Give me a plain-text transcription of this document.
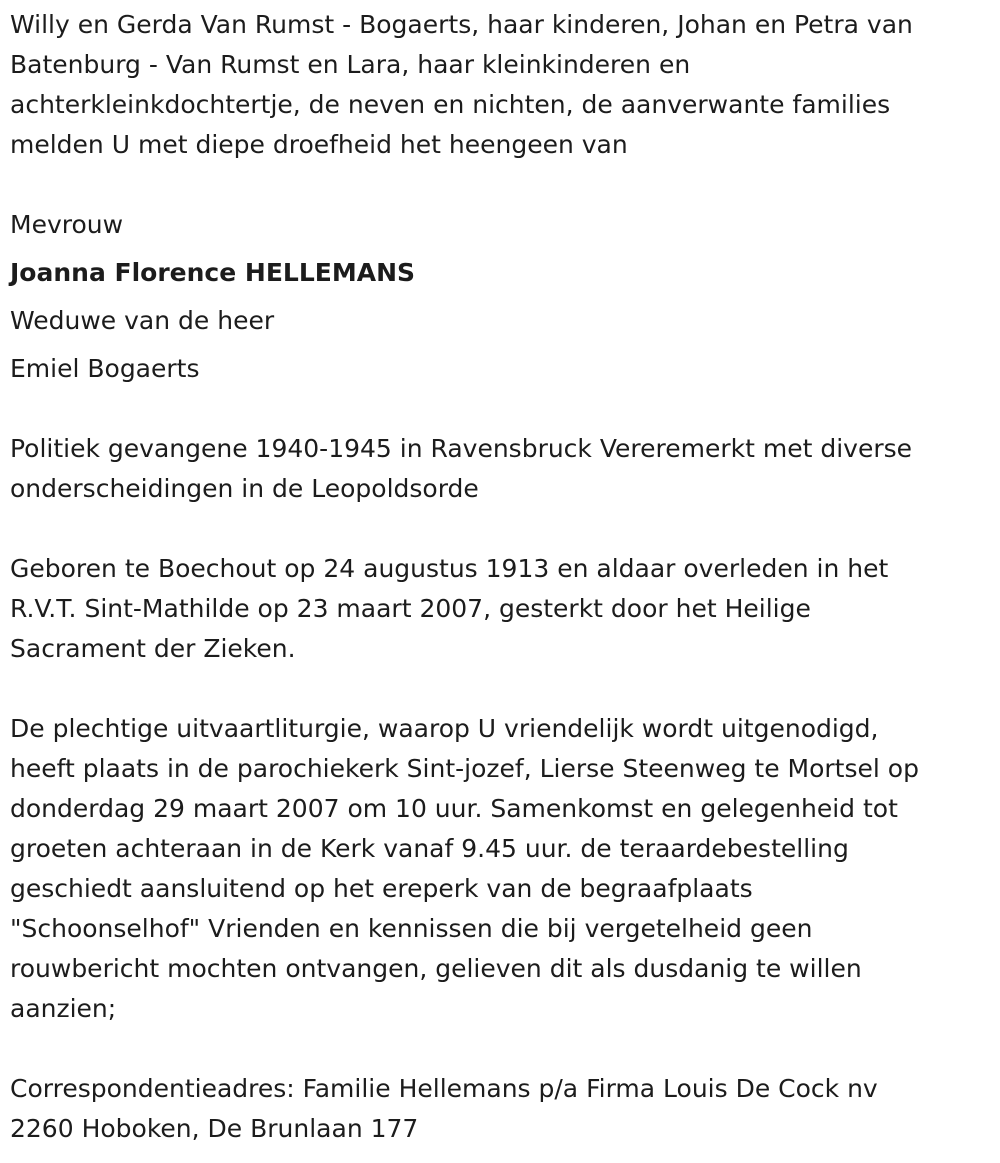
Willy en Gerda Van Rumst - Bogaerts, haar kinderen, Johan en Petra van
Batenburg - Van Rumst en Lara, haar kleinkinderen en
achterkleinkdochtertje, de neven en nichten, de aanverwante families
melden U met diepe droefheid het heengeen van

Mevrouw
Joanna Florence HELLEMANS
Weduwe van de heer
Emiel Bogaerts

Politiek gevangene 1940-1945 in Ravensbruck Vereremerkt met diverse
onderscheidingen in de Leopoldsorde

Geboren te Boechout op 24 augustus 1913 en aldaar overleden in het
R.V.T. Sint-Mathilde op 23 maart 2007, gesterkt door het Heilige
Sacrament der Zieken.

De plechtige uitvaartliturgie, waarop U vriendelijk wordt uitgenodigd,
heeft plaats in de parochiekerk Sint-jozef, Lierse Steenweg te Mortsel op
donderdag 29 maart 2007 om 10 uur. Samenkomst en gelegenheid tot
groeten achteraan in de Kerk vanaf 9.45 uur. de teraardebestelling
geschiedt aansluitend op het ereperk van de begraafplaats
"Schoonselhof" Vrienden en kennissen die bij vergetelheid geen
rouwbericht mochten ontvangen, gelieven dit als dusdanig te willen
aanzien;

Correspondentieadres: Familie Hellemans p/a Firma Louis De Cock nv
2260 Hoboken, De Brunlaan 177
